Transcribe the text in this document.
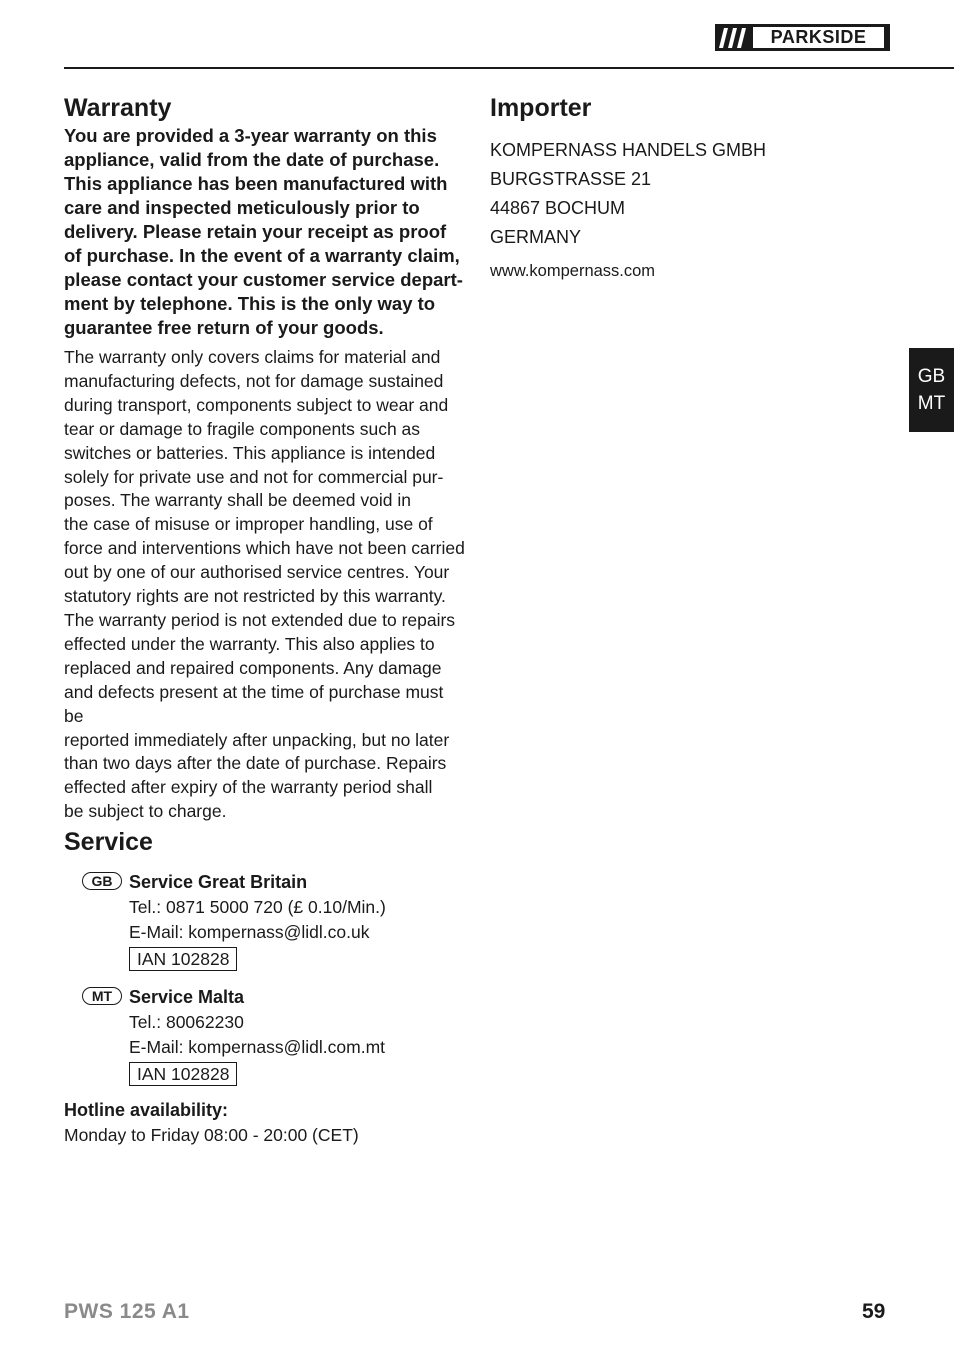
PARKSIDE
Warranty
You are provided a 3-year warranty on this
appliance, valid from the date of purchase.
This appliance has been manufactured with
care and inspected meticulously prior to
delivery. Please retain your receipt as proof
of purchase. In the event of a warranty claim,
please contact your customer service depart-
ment by telephone. This is the only way to
guarantee free return of your goods.
The warranty only covers claims for material and
manufacturing defects, not for damage sustained
during transport, components subject to wear and
tear or damage to fragile components such as
switches or batteries. This appliance is intended
solely for private use and not for commercial pur-
poses. The warranty shall be deemed void in
the case of misuse or improper handling, use of
force and interventions which have not been carried
out by one of our authorised service centres. Your
statutory rights are not restricted by this warranty.
The warranty period is not extended due to repairs
effected under the warranty. This also applies to
replaced and repaired components. Any damage
and defects present at the time of purchase must be
reported immediately after unpacking, but no later
than two days after the date of purchase. Repairs
effected after expiry of the warranty period shall
be subject to charge.
Service
GB Service Great Britain
Tel.: 0871 5000 720 (£ 0.10/Min.)
E-Mail: kompernass@lidl.co.uk
IAN 102828
MT Service Malta
Tel.: 80062230
E-Mail: kompernass@lidl.com.mt
IAN 102828
Hotline availability:
Monday to Friday 08:00 - 20:00 (CET)
Importer
KOMPERNASS HANDELS GMBH
BURGSTRASSE 21
44867 BOCHUM
GERMANY
www.kompernass.com
GB
MT
PWS 125 A1	59
